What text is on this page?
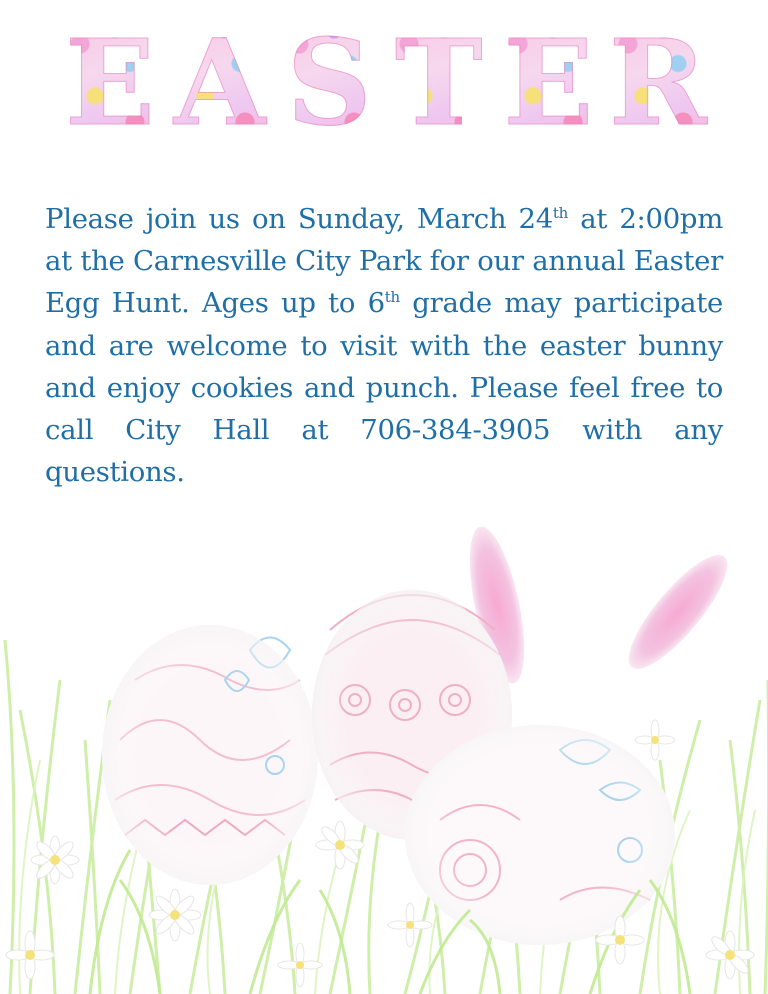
E A S T E R

Please join us on Sunday, March 24th at 2:00pm at the Carnesville City Park for our annual Easter Egg Hunt. Ages up to 6th grade may participate and are welcome to visit with the easter bunny and enjoy cookies and punch. Please feel free to call City Hall at 706-384-3905 with any questions.
